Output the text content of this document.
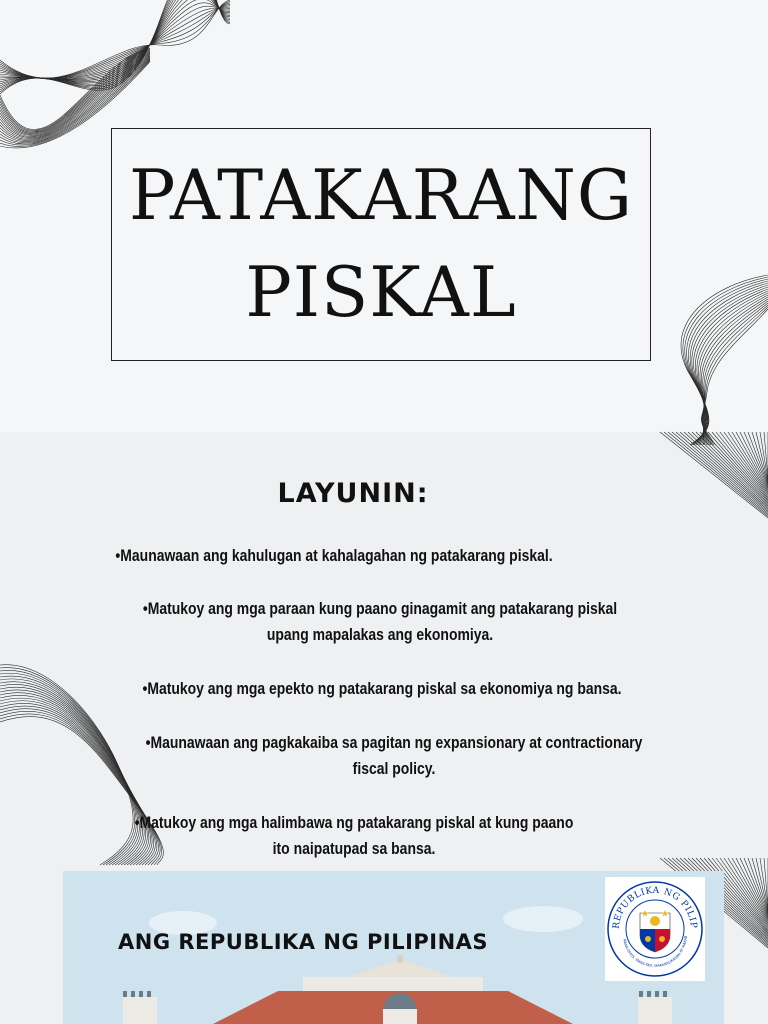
PATAKARANG
PISKAL
LAYUNIN:
•Maunawaan ang kahulugan at kahalagahan ng patakarang piskal.
•Matukoy ang mga paraan kung paano ginagamit ang patakarang piskal
upang mapalakas ang ekonomiya.
•Matukoy ang mga epekto ng patakarang piskal sa ekonomiya ng bansa.
•Maunawaan ang pagkakaiba sa pagitan ng expansionary at contractionary
fiscal policy.
•Matukoy ang mga halimbawa ng patakarang piskal at kung paano
ito naipatupad sa bansa.
ANG REPUBLIKA NG PILIPINAS
REPUBLIKA NG PILIP
MAKA-DIYOS, MAKA-TAO, MAKAKALIKASAN AT MAKAB
